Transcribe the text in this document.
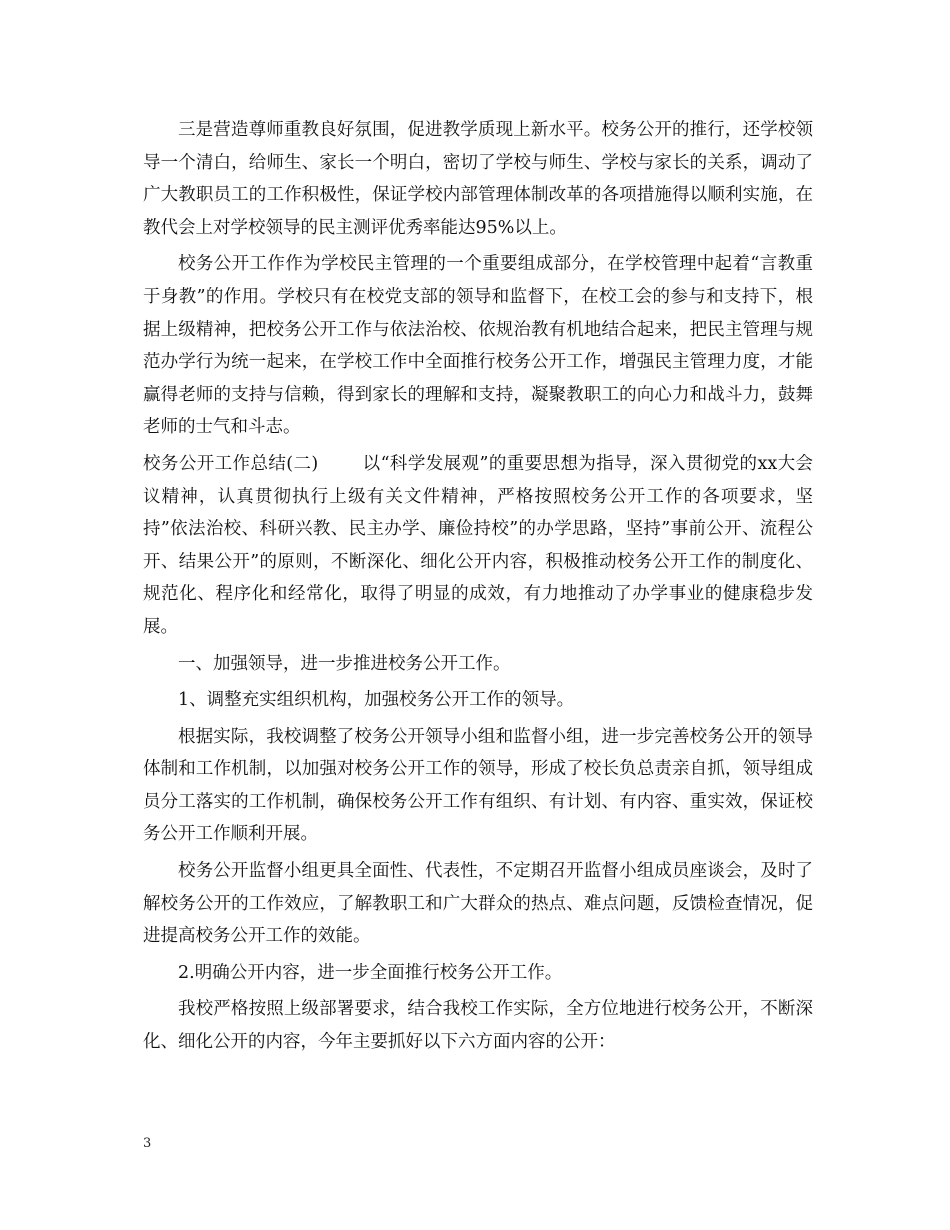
三是营造尊师重教良好氛围，促进教学质现上新水平。校务公开的推行，还学校领导一个清白，给师生、家长一个明白，密切了学校与师生、学校与家长的关系，调动了广大教职员工的工作积极性，保证学校内部管理体制改革的各项措施得以顺利实施，在教代会上对学校领导的民主测评优秀率能达95%以上。

校务公开工作作为学校民主管理的一个重要组成部分，在学校管理中起着“言教重于身教”的作用。学校只有在校党支部的领导和监督下，在校工会的参与和支持下，根据上级精神，把校务公开工作与依法治校、依规治教有机地结合起来，把民主管理与规范办学行为统一起来，在学校工作中全面推行校务公开工作，增强民主管理力度，才能赢得老师的支持与信赖，得到家长的理解和支持，凝聚教职工的向心力和战斗力，鼓舞老师的士气和斗志。

校务公开工作总结(二)	以“科学发展观”的重要思想为指导，深入贯彻党的xx大会议精神，认真贯彻执行上级有关文件精神，严格按照校务公开工作的各项要求，坚持”依法治校、科研兴教、民主办学、廉俭持校”的办学思路，坚持”事前公开、流程公开、结果公开”的原则，不断深化、细化公开内容，积极推动校务公开工作的制度化、规范化、程序化和经常化，取得了明显的成效，有力地推动了办学事业的健康稳步发展。

一、加强领导，进一步推进校务公开工作。

1、调整充实组织机构，加强校务公开工作的领导。

根据实际，我校调整了校务公开领导小组和监督小组，进一步完善校务公开的领导体制和工作机制，以加强对校务公开工作的领导，形成了校长负总责亲自抓，领导组成员分工落实的工作机制，确保校务公开工作有组织、有计划、有内容、重实效，保证校务公开工作顺利开展。

校务公开监督小组更具全面性、代表性，不定期召开监督小组成员座谈会，及时了解校务公开的工作效应，了解教职工和广大群众的热点、难点问题，反馈检查情况，促进提高校务公开工作的效能。

2.明确公开内容，进一步全面推行校务公开工作。

我校严格按照上级部署要求，结合我校工作实际，全方位地进行校务公开，不断深化、细化公开的内容，今年主要抓好以下六方面内容的公开：

3
